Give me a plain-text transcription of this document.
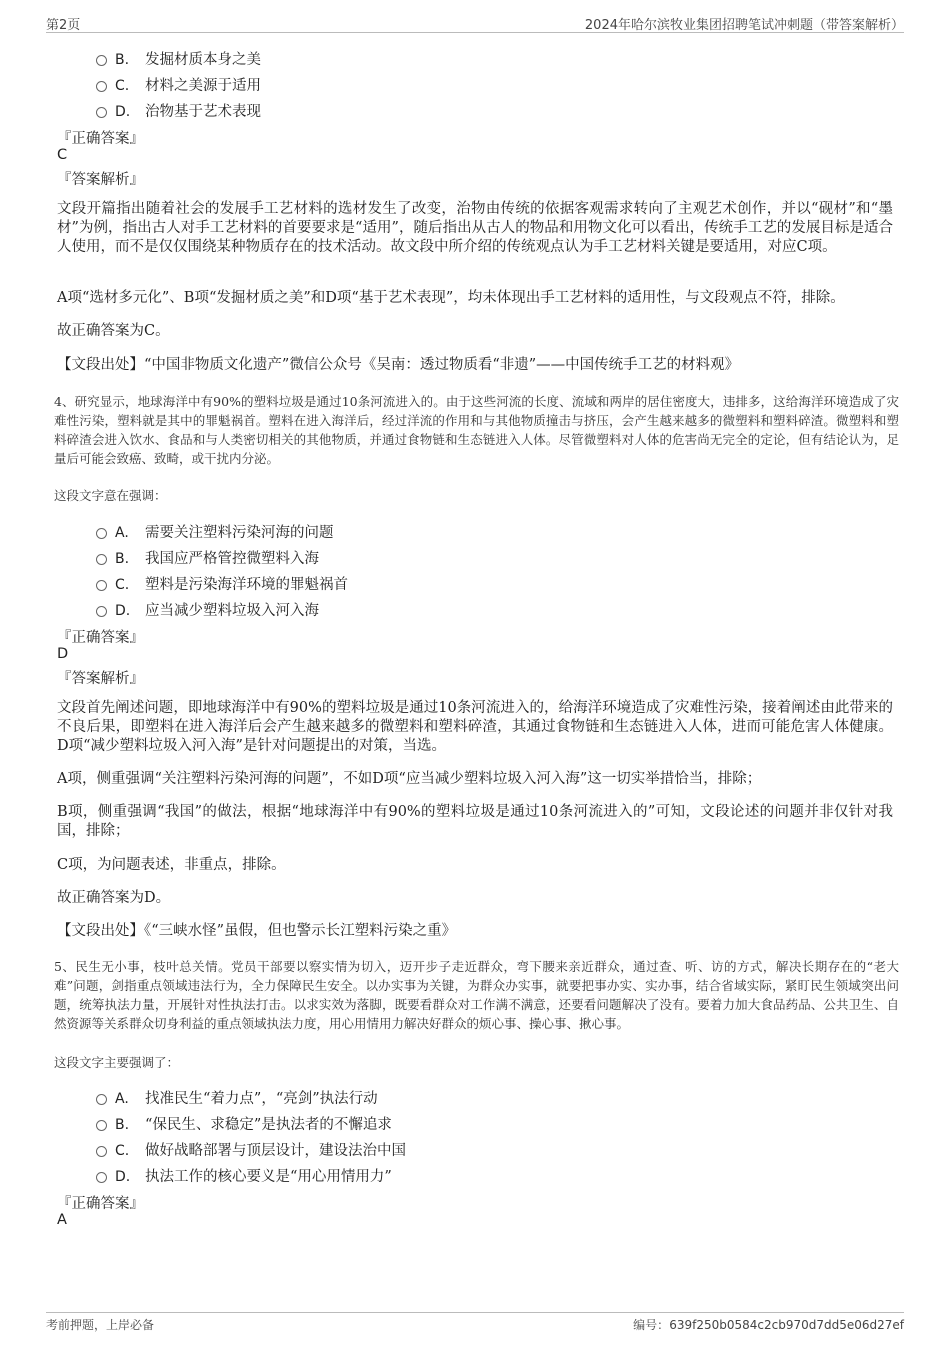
第2页	2024年哈尔滨牧业集团招聘笔试冲刺题（带答案解析）
B. 发掘材质本身之美
C. 材料之美源于适用
D. 治物基于艺术表现
『正确答案』
C
『答案解析』
文段开篇指出随着社会的发展手工艺材料的选材发生了改变，治物由传统的依据客观需求转向了主观艺术创作，并以“砚材”和“墨材”为例，指出古人对手工艺材料的首要要求是“适用”，随后指出从古人的物品和用物文化可以看出，传统手工艺的发展目标是适合人使用，而不是仅仅围绕某种物质存在的技术活动。故文段中所介绍的传统观点认为手工艺材料关键是要适用，对应C项。
A项“选材多元化”、B项“发掘材质之美”和D项“基于艺术表现”，均未体现出手工艺材料的适用性，与文段观点不符，排除。
故正确答案为C。
【文段出处】“中国非物质文化遗产”微信公众号《吴南：透过物质看“非遗”——中国传统手工艺的材料观》
4、研究显示，地球海洋中有90%的塑料垃圾是通过10条河流进入的。由于这些河流的长度、流域和两岸的居住密度大，违排多，这给海洋环境造成了灾难性污染，塑料就是其中的罪魁祸首。塑料在进入海洋后，经过洋流的作用和与其他物质撞击与挤压，会产生越来越多的微塑料和塑料碎渣。微塑料和塑料碎渣会进入饮水、食品和与人类密切相关的其他物质，并通过食物链和生态链进入人体。尽管微塑料对人体的危害尚无完全的定论，但有结论认为，足量后可能会致癌、致畸，或干扰内分泌。
这段文字意在强调：
A. 需要关注塑料污染河海的问题
B. 我国应严格管控微塑料入海
C. 塑料是污染海洋环境的罪魁祸首
D. 应当减少塑料垃圾入河入海
『正确答案』
D
『答案解析』
文段首先阐述问题，即地球海洋中有90%的塑料垃圾是通过10条河流进入的，给海洋环境造成了灾难性污染，接着阐述由此带来的不良后果，即塑料在进入海洋后会产生越来越多的微塑料和塑料碎渣，其通过食物链和生态链进入人体，进而可能危害人体健康。D项“减少塑料垃圾入河入海”是针对问题提出的对策，当选。
A项，侧重强调“关注塑料污染河海的问题”，不如D项“应当减少塑料垃圾入河入海”这一切实举措恰当，排除；
B项，侧重强调“我国”的做法，根据“地球海洋中有90%的塑料垃圾是通过10条河流进入的”可知，文段论述的问题并非仅针对我国，排除；
C项，为问题表述，非重点，排除。
故正确答案为D。
【文段出处】《“三峡水怪”虽假，但也警示长江塑料污染之重》
5、民生无小事，枝叶总关情。党员干部要以察实情为切入，迈开步子走近群众，弯下腰来亲近群众，通过查、听、访的方式，解决长期存在的“老大难”问题，剑指重点领域违法行为，全力保障民生安全。以办实事为关键，为群众办实事，就要把事办实、实办事，结合省域实际，紧盯民生领域突出问题，统筹执法力量，开展针对性执法打击。以求实效为落脚，既要看群众对工作满不满意，还要看问题解决了没有。要着力加大食品药品、公共卫生、自然资源等关系群众切身利益的重点领域执法力度，用心用情用力解决好群众的烦心事、操心事、揪心事。
这段文字主要强调了：
A. 找准民生“着力点”，“亮剑”执法行动
B. “保民生、求稳定”是执法者的不懈追求
C. 做好战略部署与顶层设计，建设法治中国
D. 执法工作的核心要义是“用心用情用力”
『正确答案』
A
考前押题，上岸必备	编号：639f250b0584c2cb970d7dd5e06d27ef
